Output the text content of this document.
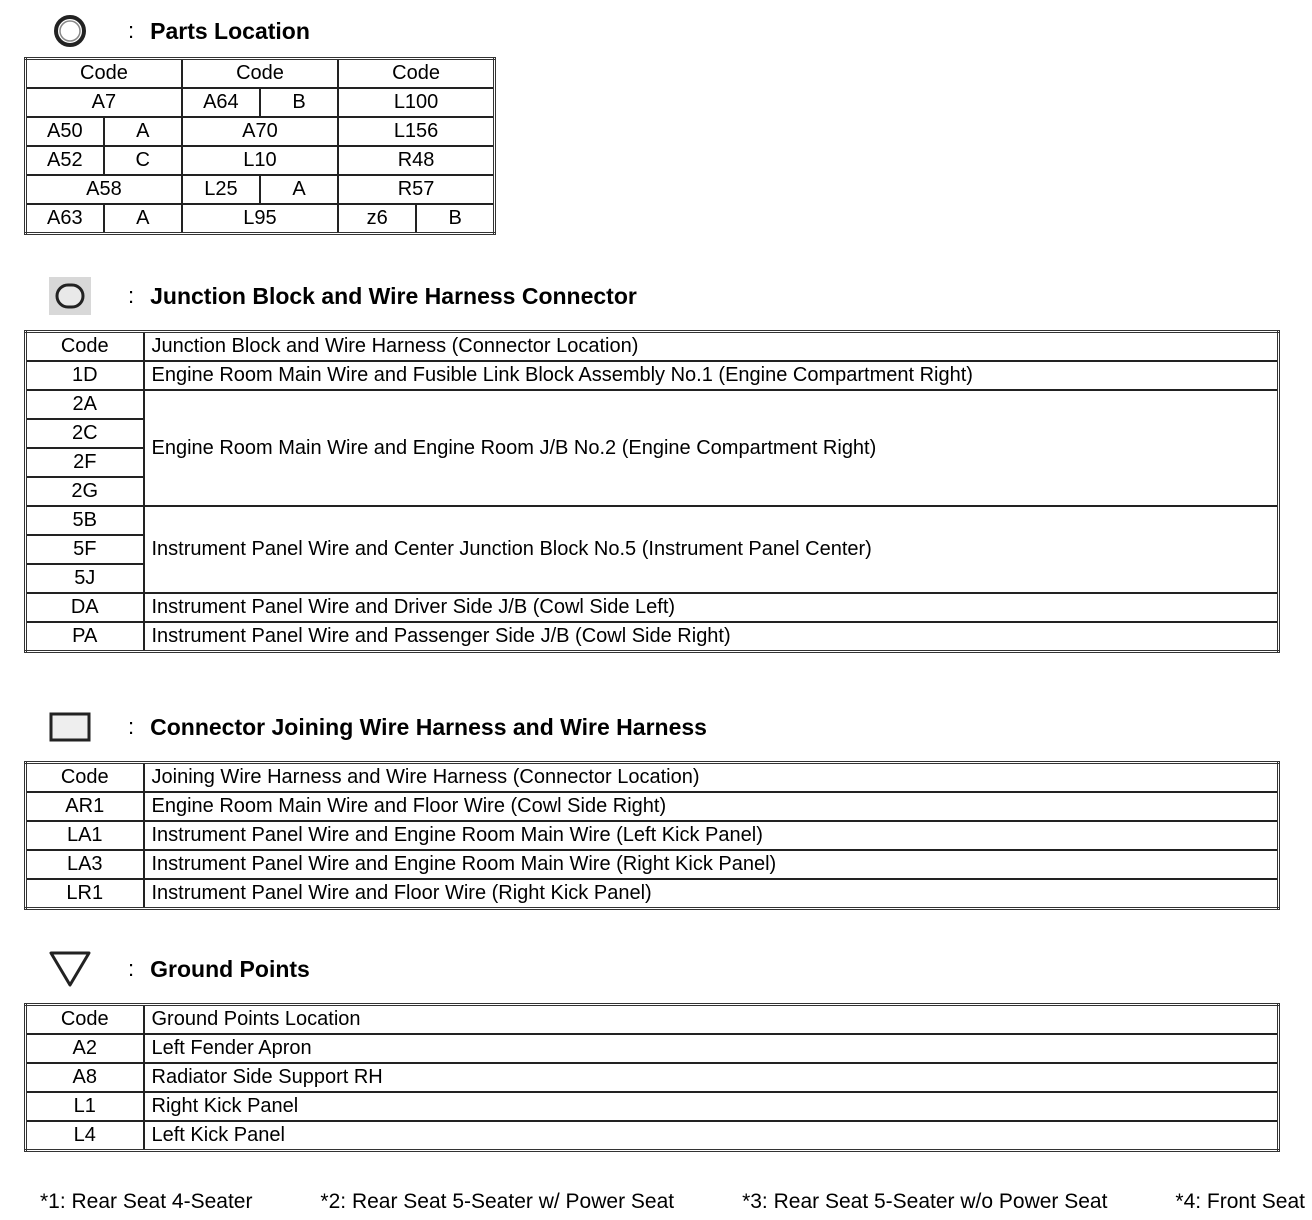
: Parts Location
Code		Code		Code	
A7		A64	B	L100	
A50	A	A70		L156	
A52	C	L10		R48	
A58		L25	A	R57	
A63	A	L95		z6	B
: Junction Block and Wire Harness Connector
Code	Junction Block and Wire Harness (Connector Location)
1D	Engine Room Main Wire and Fusible Link Block Assembly No.1 (Engine Compartment Right)
2A	Engine Room Main Wire and Engine Room J/B No.2 (Engine Compartment Right)
2C	
2F	
2G	
5B	Instrument Panel Wire and Center Junction Block No.5 (Instrument Panel Center)
5F	
5J	
DA	Instrument Panel Wire and Driver Side J/B (Cowl Side Left)
PA	Instrument Panel Wire and Passenger Side J/B (Cowl Side Right)
: Connector Joining Wire Harness and Wire Harness
Code	Joining Wire Harness and Wire Harness (Connector Location)
AR1	Engine Room Main Wire and Floor Wire (Cowl Side Right)
LA1	Instrument Panel Wire and Engine Room Main Wire (Left Kick Panel)
LA3	Instrument Panel Wire and Engine Room Main Wire (Right Kick Panel)
LR1	Instrument Panel Wire and Floor Wire (Right Kick Panel)
: Ground Points
Code	Ground Points Location
A2	Left Fender Apron
A8	Radiator Side Support RH
L1	Right Kick Panel
L4	Left Kick Panel
*1: Rear Seat 4-Seater	*2: Rear Seat 5-Seater w/ Power Seat	*3: Rear Seat 5-Seater w/o Power Seat	*4: Front Seat
